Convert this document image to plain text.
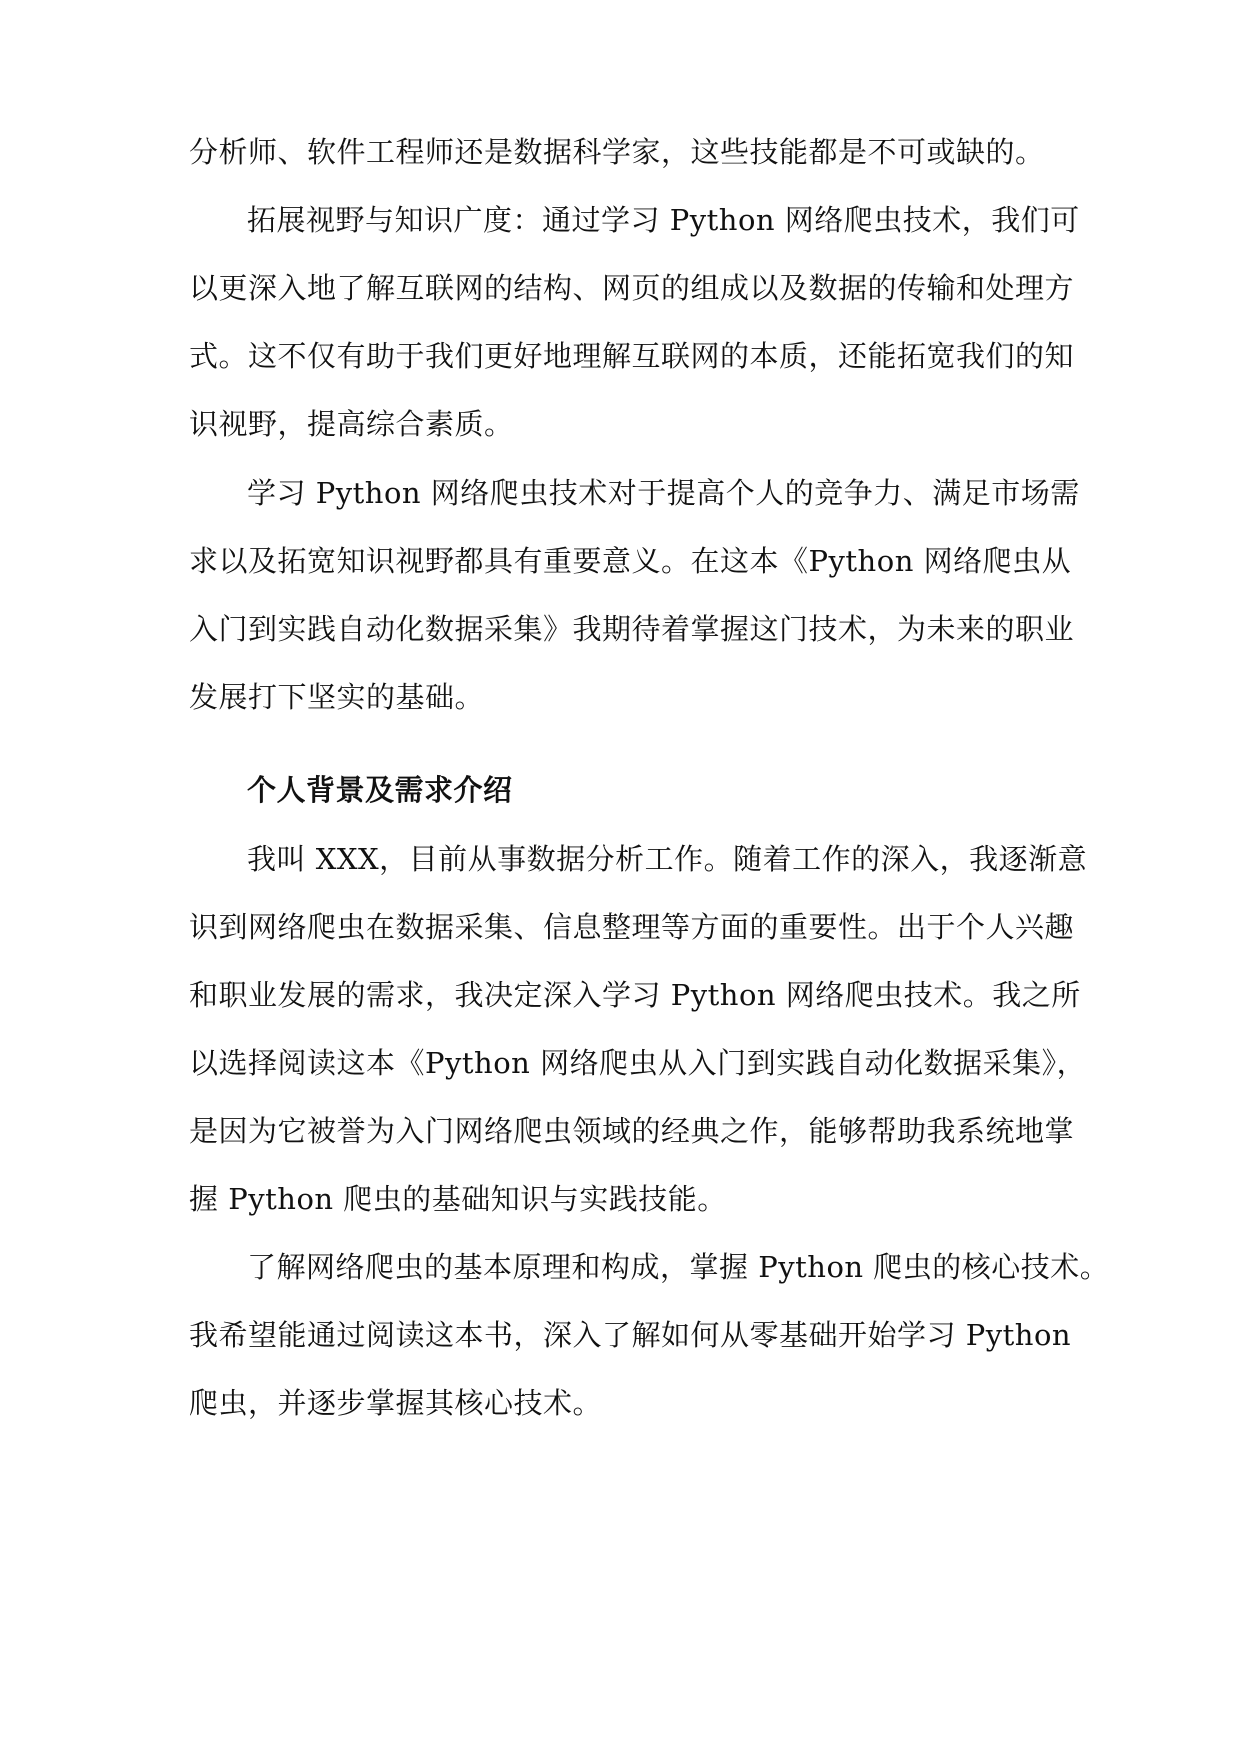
分析师、软件工程师还是数据科学家，这些技能都是不可或缺的。
拓展视野与知识广度：通过学习 Python 网络爬虫技术，我们可
以更深入地了解互联网的结构、网页的组成以及数据的传输和处理方
式。这不仅有助于我们更好地理解互联网的本质，还能拓宽我们的知
识视野，提高综合素质。
学习 Python 网络爬虫技术对于提高个人的竞争力、满足市场需
求以及拓宽知识视野都具有重要意义。在这本《Python 网络爬虫从
入门到实践自动化数据采集》我期待着掌握这门技术，为未来的职业
发展打下坚实的基础。
个人背景及需求介绍
我叫 XXX，目前从事数据分析工作。随着工作的深入，我逐渐意
识到网络爬虫在数据采集、信息整理等方面的重要性。出于个人兴趣
和职业发展的需求，我决定深入学习 Python 网络爬虫技术。我之所
以选择阅读这本《Python 网络爬虫从入门到实践自动化数据采集》，
是因为它被誉为入门网络爬虫领域的经典之作，能够帮助我系统地掌
握 Python 爬虫的基础知识与实践技能。
了解网络爬虫的基本原理和构成，掌握 Python 爬虫的核心技术。
我希望能通过阅读这本书，深入了解如何从零基础开始学习 Python
爬虫，并逐步掌握其核心技术。
